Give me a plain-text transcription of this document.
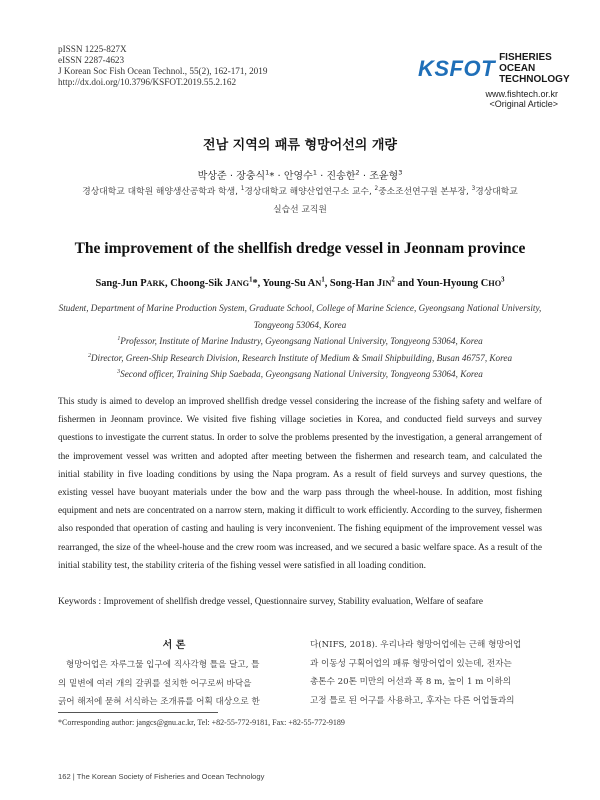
pISSN 1225-827X
eISSN 2287-4623
J Korean Soc Fish Ocean Technol., 55(2), 162-171, 2019
http://dx.doi.org/10.3796/KSFOT.2019.55.2.162
KSFOT FISHERIES OCEAN
TECHNOLOGY
www.fishtech.or.kr
<Original Article>
전남 지역의 패류 형망어선의 개량
박상준 · 장충식$^1$* · 안영수$^1$ · 진송한$^2$ · 조윤형$^3$
경상대학교 대학원 해양생산공학과 학생, $^1$경상대학교 해양산업연구소 교수, $^2$중소조선연구원 본부장, $^3$경상대학교
실습선 교직원
The improvement of the shellfish dredge vessel in Jeonnam province
Sang-Jun PARK, Choong-Sik JANG$^1$*, Young-Su $AN^1$, Song-Han JIN$^2$ and Youn-Hyoung CHO$^3$
Student, Department of Marine Production System, Graduate School, College of Marine Science, Gyeongsang National University,
Tongyeong 53064, Korea
$^1$Professor, Institute of Marine Industry, Gyeongsang National University, Tongyeong 53064, Korea
$^2$Director, Green-Ship Research Division, Research Institute of Medium & Smail Shipbuilding, Busan 46757, Korea
$^3$Second officer, Training Ship Saebada, Gyeongsang National University, Tongyeong 53064, Korea
This study is aimed to develop an improved shellfish dredge vessel considering the increase of the fishing safety and welfare of fishermen in Jeonnam province. We visited five fishing village societies in Korea, and conducted field surveys and survey questions to investigate the current status. In order to solve the problems presented by the investigation, a general arrangement of the improvement vessel was written and adopted after meeting between the fishermen and research team, and calculated the initial stability in five loading conditions by using the Napa program. As a result of field surveys and survey questions, the existing vessel have buoyant materials under the bow and the warp pass through the wheel-house. In addition, most fishing equipment and nets are concentrated on a narrow stern, making it difficult to work efficiently. According to the survey, fishermen also responded that operation of casting and hauling is very inconvenient. The fishing equipment of the improvement vessel was rearranged, the size of the wheel-house and the crew room was increased, and we secured a basic welfare space. As a result of the initial stability test, the stability criteria of the fishing vessel were satisfied in all loading condition.
Keywords : Improvement of shellfish dredge vessel, Questionnaire survey, Stability evaluation, Welfare of seafare
서 론
형망어업은 자루그물 입구에 직사각형 틀을 달고, 틀
의 밑변에 여러 개의 갈퀴를 설치한 어구로써 바닥을
긁어 해저에 묻혀 서식하는 조개류를 어획 대상으로 한
다(NIFS, 2018). 우리나라 형망어업에는 근해 형망어업
과 이동성 구획어업의 패류 형망어업이 있는데, 전자는
총톤수 20톤 미만의 어선과 폭 8 m, 높이 1 m 이하의
고정 틀로 된 어구를 사용하고, 후자는 다른 어업들과의
*Corresponding author: jangcs@gnu.ac.kr, Tel: +82-55-772-9181, Fax: +82-55-772-9189
162 | The Korean Society of Fisheries and Ocean Technology
